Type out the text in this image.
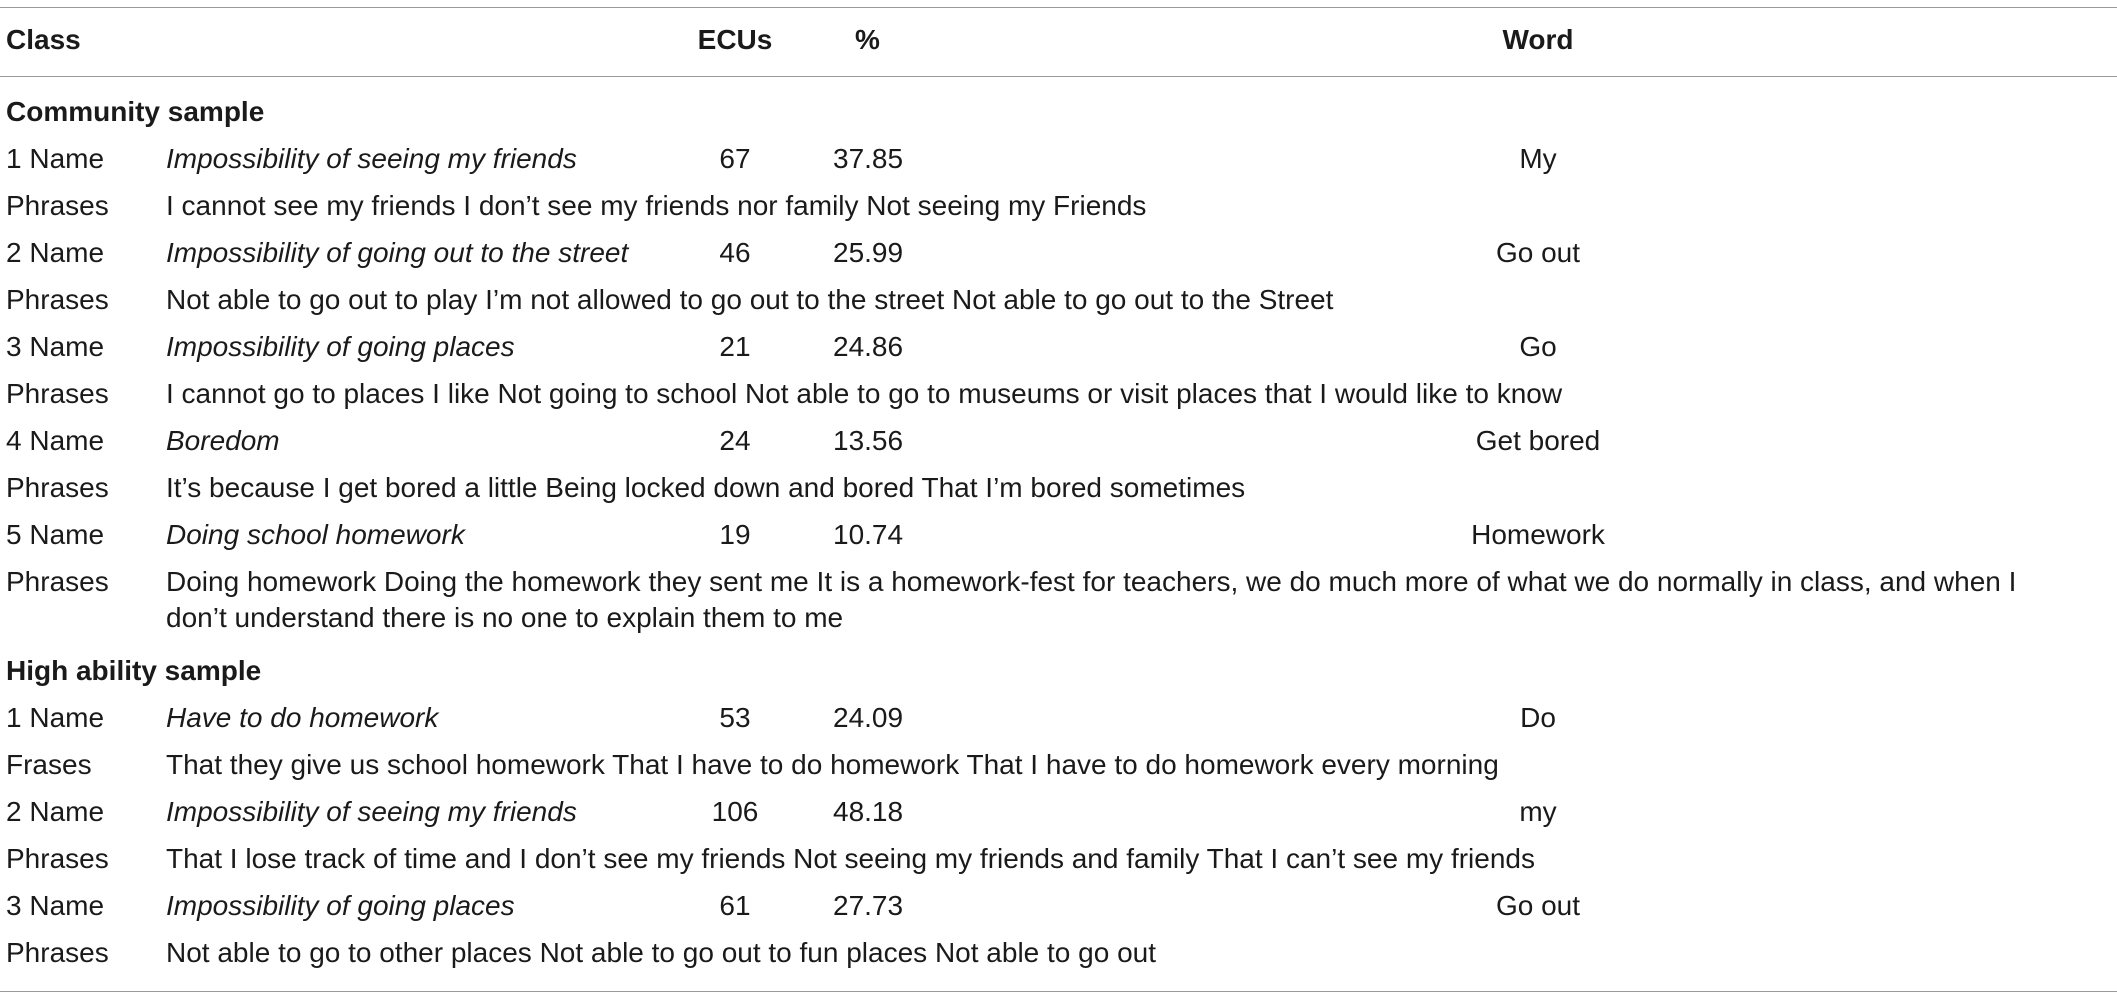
Class	ECUs	%	Word
Community sample
1 Name Impossibility of seeing my friends	67	37.85	My
Phrases I cannot see my friends I don’t see my friends nor family Not seeing my Friends
2 Name Impossibility of going out to the street	46	25.99	Go out
Phrases Not able to go out to play I’m not allowed to go out to the street Not able to go out to the Street
3 Name Impossibility of going places	21	24.86	Go
Phrases I cannot go to places I like Not going to school Not able to go to museums or visit places that I would like to know
4 Name Boredom	24	13.56	Get bored
Phrases It’s because I get bored a little Being locked down and bored That I’m bored sometimes
5 Name Doing school homework	19	10.74	Homework
Phrases Doing homework Doing the homework they sent me It is a homework-fest for teachers, we do much more of what we do normally in class, and when I don’t understand there is no one to explain them to me
High ability sample
1 Name Have to do homework	53	24.09	Do
Frases	That they give us school homework That I have to do homework That I have to do homework every morning
2 Name Impossibility of seeing my friends	106	48.18	my
Phrases That I lose track of time and I don’t see my friends Not seeing my friends and family That I can’t see my friends
3 Name Impossibility of going places	61	27.73	Go out
Phrases Not able to go to other places Not able to go out to fun places Not able to go out
